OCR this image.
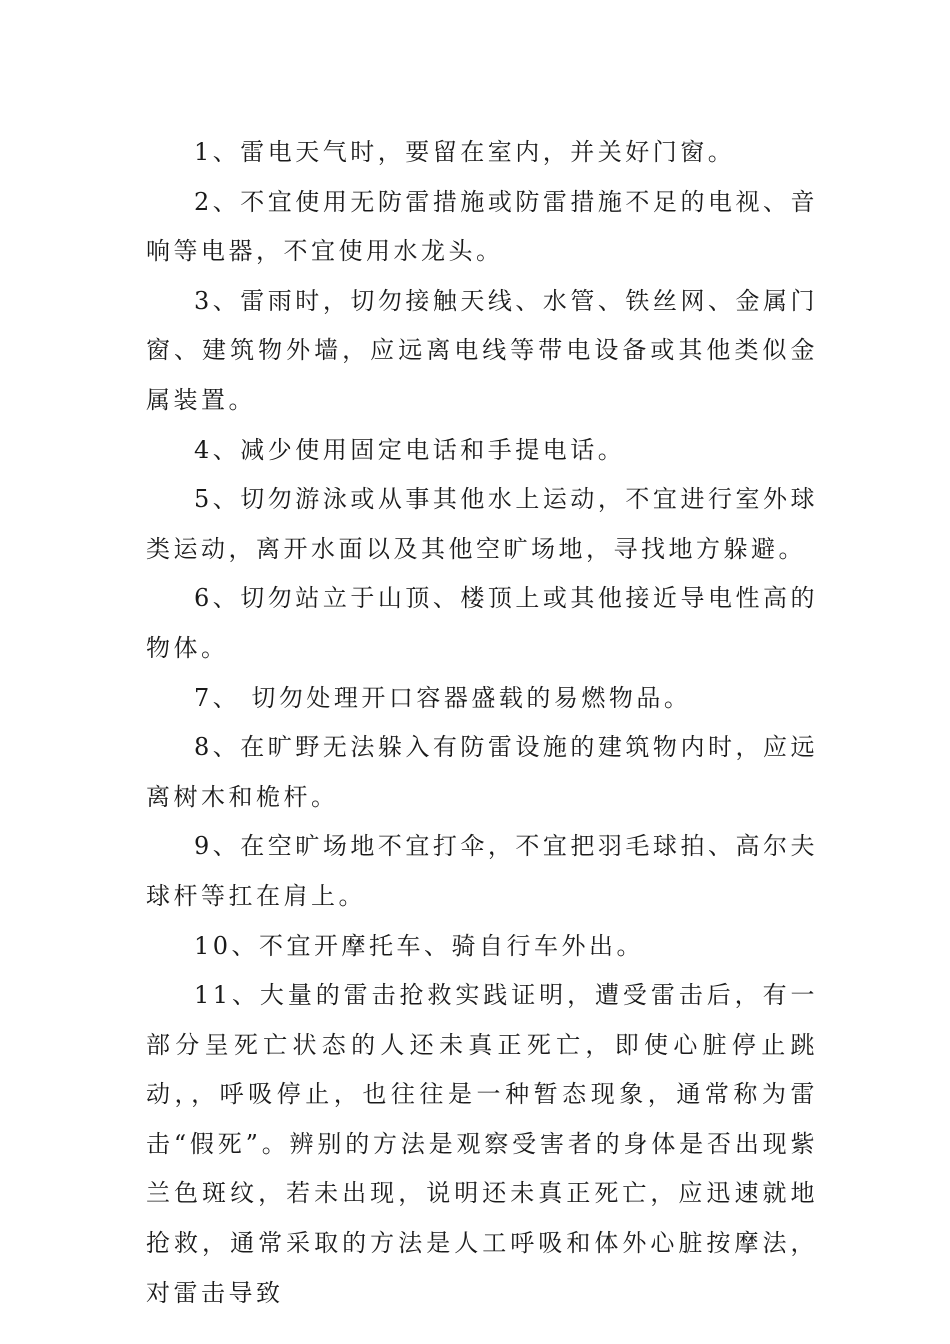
1、雷电天气时，要留在室内，并关好门窗。

2、不宜使用无防雷措施或防雷措施不足的电视、音响等电器，不宜使用水龙头。

3、雷雨时，切勿接触天线、水管、铁丝网、金属门窗、建筑物外墙，应远离电线等带电设备或其他类似金属装置。

4、减少使用固定电话和手提电话。

5、切勿游泳或从事其他水上运动，不宜进行室外球类运动，离开水面以及其他空旷场地，寻找地方躲避。

6、切勿站立于山顶、楼顶上或其他接近导电性高的物体。

7、 切勿处理开口容器盛载的易燃物品。

8、在旷野无法躲入有防雷设施的建筑物内时，应远离树木和桅杆。

9、在空旷场地不宜打伞，不宜把羽毛球拍、高尔夫球杆等扛在肩上。

10、不宜开摩托车、骑自行车外出。

11、大量的雷击抢救实践证明，遭受雷击后，有一部分呈死亡状态的人还未真正死亡，即使心脏停止跳动，，呼吸停止，也往往是一种暂态现象，通常称为雷击“假死”。辨别的方法是观察受害者的身体是否出现紫兰色斑纹，若未出现，说明还未真正死亡，应迅速就地抢救，通常采取的方法是人工呼吸和体外心脏按摩法，对雷击导致
